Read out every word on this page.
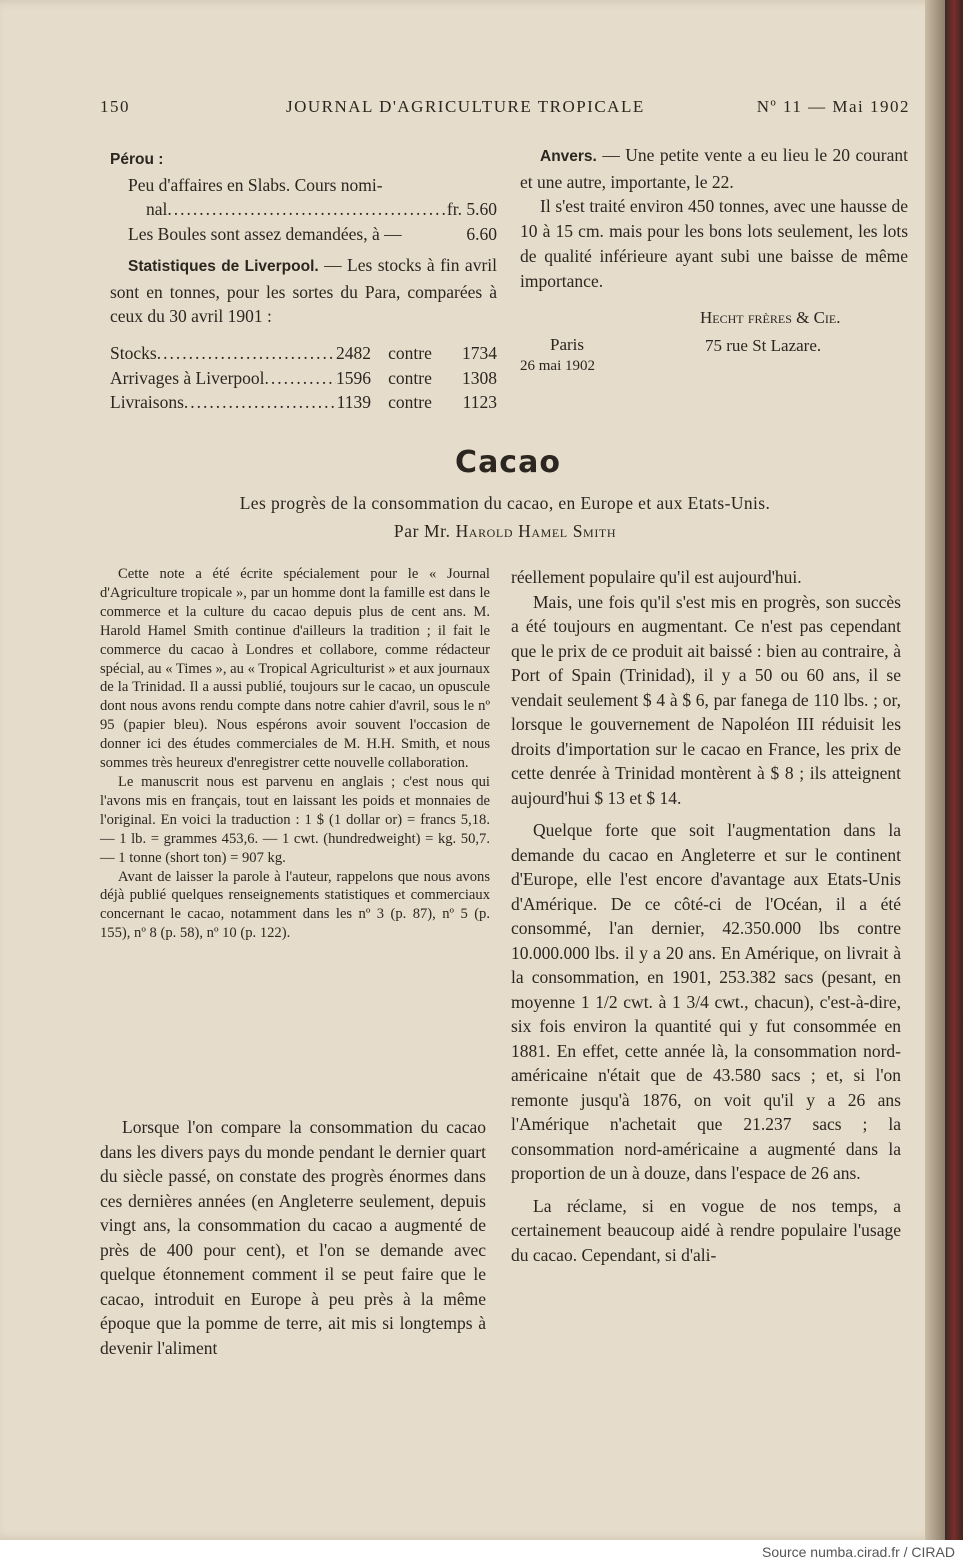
150	JOURNAL D'AGRICULTURE TROPICALE	Nº 11 — Mai 1902

Pérou :

Peu d'affaires en Slabs. Cours nomi-

nal .....	fr. 5.60
Les Boules sont assez demandées, à —	6.60

Statistiques de Liverpool. — Les stocks à fin avril sont en tonnes, pour les sortes du Para, comparées à ceux du 30 avril 1901 :

Stocks .....	2482 contre	1734
Arrivages à Liverpool .....	1596 contre	1308
Livraisons .....	1139 contre	1123

Anvers. — Une petite vente a eu lieu le 20 courant et une autre, importante, le 22.

Il s'est traité environ 450 tonnes, avec une hausse de 10 à 15 cm. mais pour les bons lots seulement, les lots de qualité inférieure ayant subi une baisse de même importance.

Hecht frères & Cie.
75 rue St Lazare.
Paris
26 mai 1902
Cacao
Les progrès de la consommation du cacao, en Europe et aux Etats-Unis.
Par Mr. Harold Hamel Smith

Cette note a été écrite spécialement pour le « Journal d'Agriculture tropicale », par un homme dont la famille est dans le commerce et la culture du cacao depuis plus de cent ans. M. Harold Hamel Smith continue d'ailleurs la tradition ; il fait le commerce du cacao à Londres et collabore, comme rédacteur spécial, au « Times », au « Tropical Agriculturist » et aux journaux de la Trinidad. Il a aussi publié, toujours sur le cacao, un opuscule dont nous avons rendu compte dans notre cahier d'avril, sous le nº 95 (papier bleu). Nous espérons avoir souvent l'occasion de donner ici des études commerciales de M. H.H. Smith, et nous sommes très heureux d'enregistrer cette nouvelle collaboration.

Le manuscrit nous est parvenu en anglais ; c'est nous qui l'avons mis en français, tout en laissant les poids et monnaies de l'original. En voici la traduction : 1 $ (1 dollar or) = francs 5,18. — 1 lb. = grammes 453,6. — 1 cwt. (hundredweight) = kg. 50,7. — 1 tonne (short ton) = 907 kg.

Avant de laisser la parole à l'auteur, rappelons que nous avons déjà publié quelques renseignements statistiques et commerciaux concernant le cacao, notamment dans les nº 3 (p. 87), nº 5 (p. 155), nº 8 (p. 58), nº 10 (p. 122).

Lorsque l'on compare la consommation du cacao dans les divers pays du monde pendant le dernier quart du siècle passé, on constate des progrès énormes dans ces dernières années (en Angleterre seulement, depuis vingt ans, la consommation du cacao a augmenté de près de 400 pour cent), et l'on se demande avec quelque étonnement comment il se peut faire que le cacao, introduit en Europe à peu près à la même époque que la pomme de terre, ait mis si longtemps à devenir l'aliment

réellement populaire qu'il est aujourd'hui.

Mais, une fois qu'il s'est mis en progrès, son succès a été toujours en augmentant. Ce n'est pas cependant que le prix de ce produit ait baissé : bien au contraire, à Port of Spain (Trinidad), il y a 50 ou 60 ans, il se vendait seulement $ 4 à $ 6, par fanega de 110 lbs. ; or, lorsque le gouvernement de Napoléon III réduisit les droits d'importation sur le cacao en France, les prix de cette denrée à Trinidad montèrent à $ 8 ; ils atteignent aujourd'hui $ 13 et $ 14.

Quelque forte que soit l'augmentation dans la demande du cacao en Angleterre et sur le continent d'Europe, elle l'est encore d'avantage aux Etats-Unis d'Amérique. De ce côté-ci de l'Océan, il a été consommé, l'an dernier, 42.350.000 lbs contre 10.000.000 lbs. il y a 20 ans. En Amérique, on livrait à la consommation, en 1901, 253.382 sacs (pesant, en moyenne 1 1/2 cwt. à 1 3/4 cwt., chacun), c'est-à-dire, six fois environ la quantité qui y fut consommée en 1881. En effet, cette année là, la consommation nord-américaine n'était que de 43.580 sacs ; et, si l'on remonte jusqu'à 1876, on voit qu'il y a 26 ans l'Amérique n'achetait que 21.237 sacs ; la consommation nord-américaine a augmenté dans la proportion de un à douze, dans l'espace de 26 ans.

La réclame, si en vogue de nos temps, a certainement beaucoup aidé à rendre populaire l'usage du cacao. Cependant, si d'ali-

Source numba.cirad.fr / CIRAD
